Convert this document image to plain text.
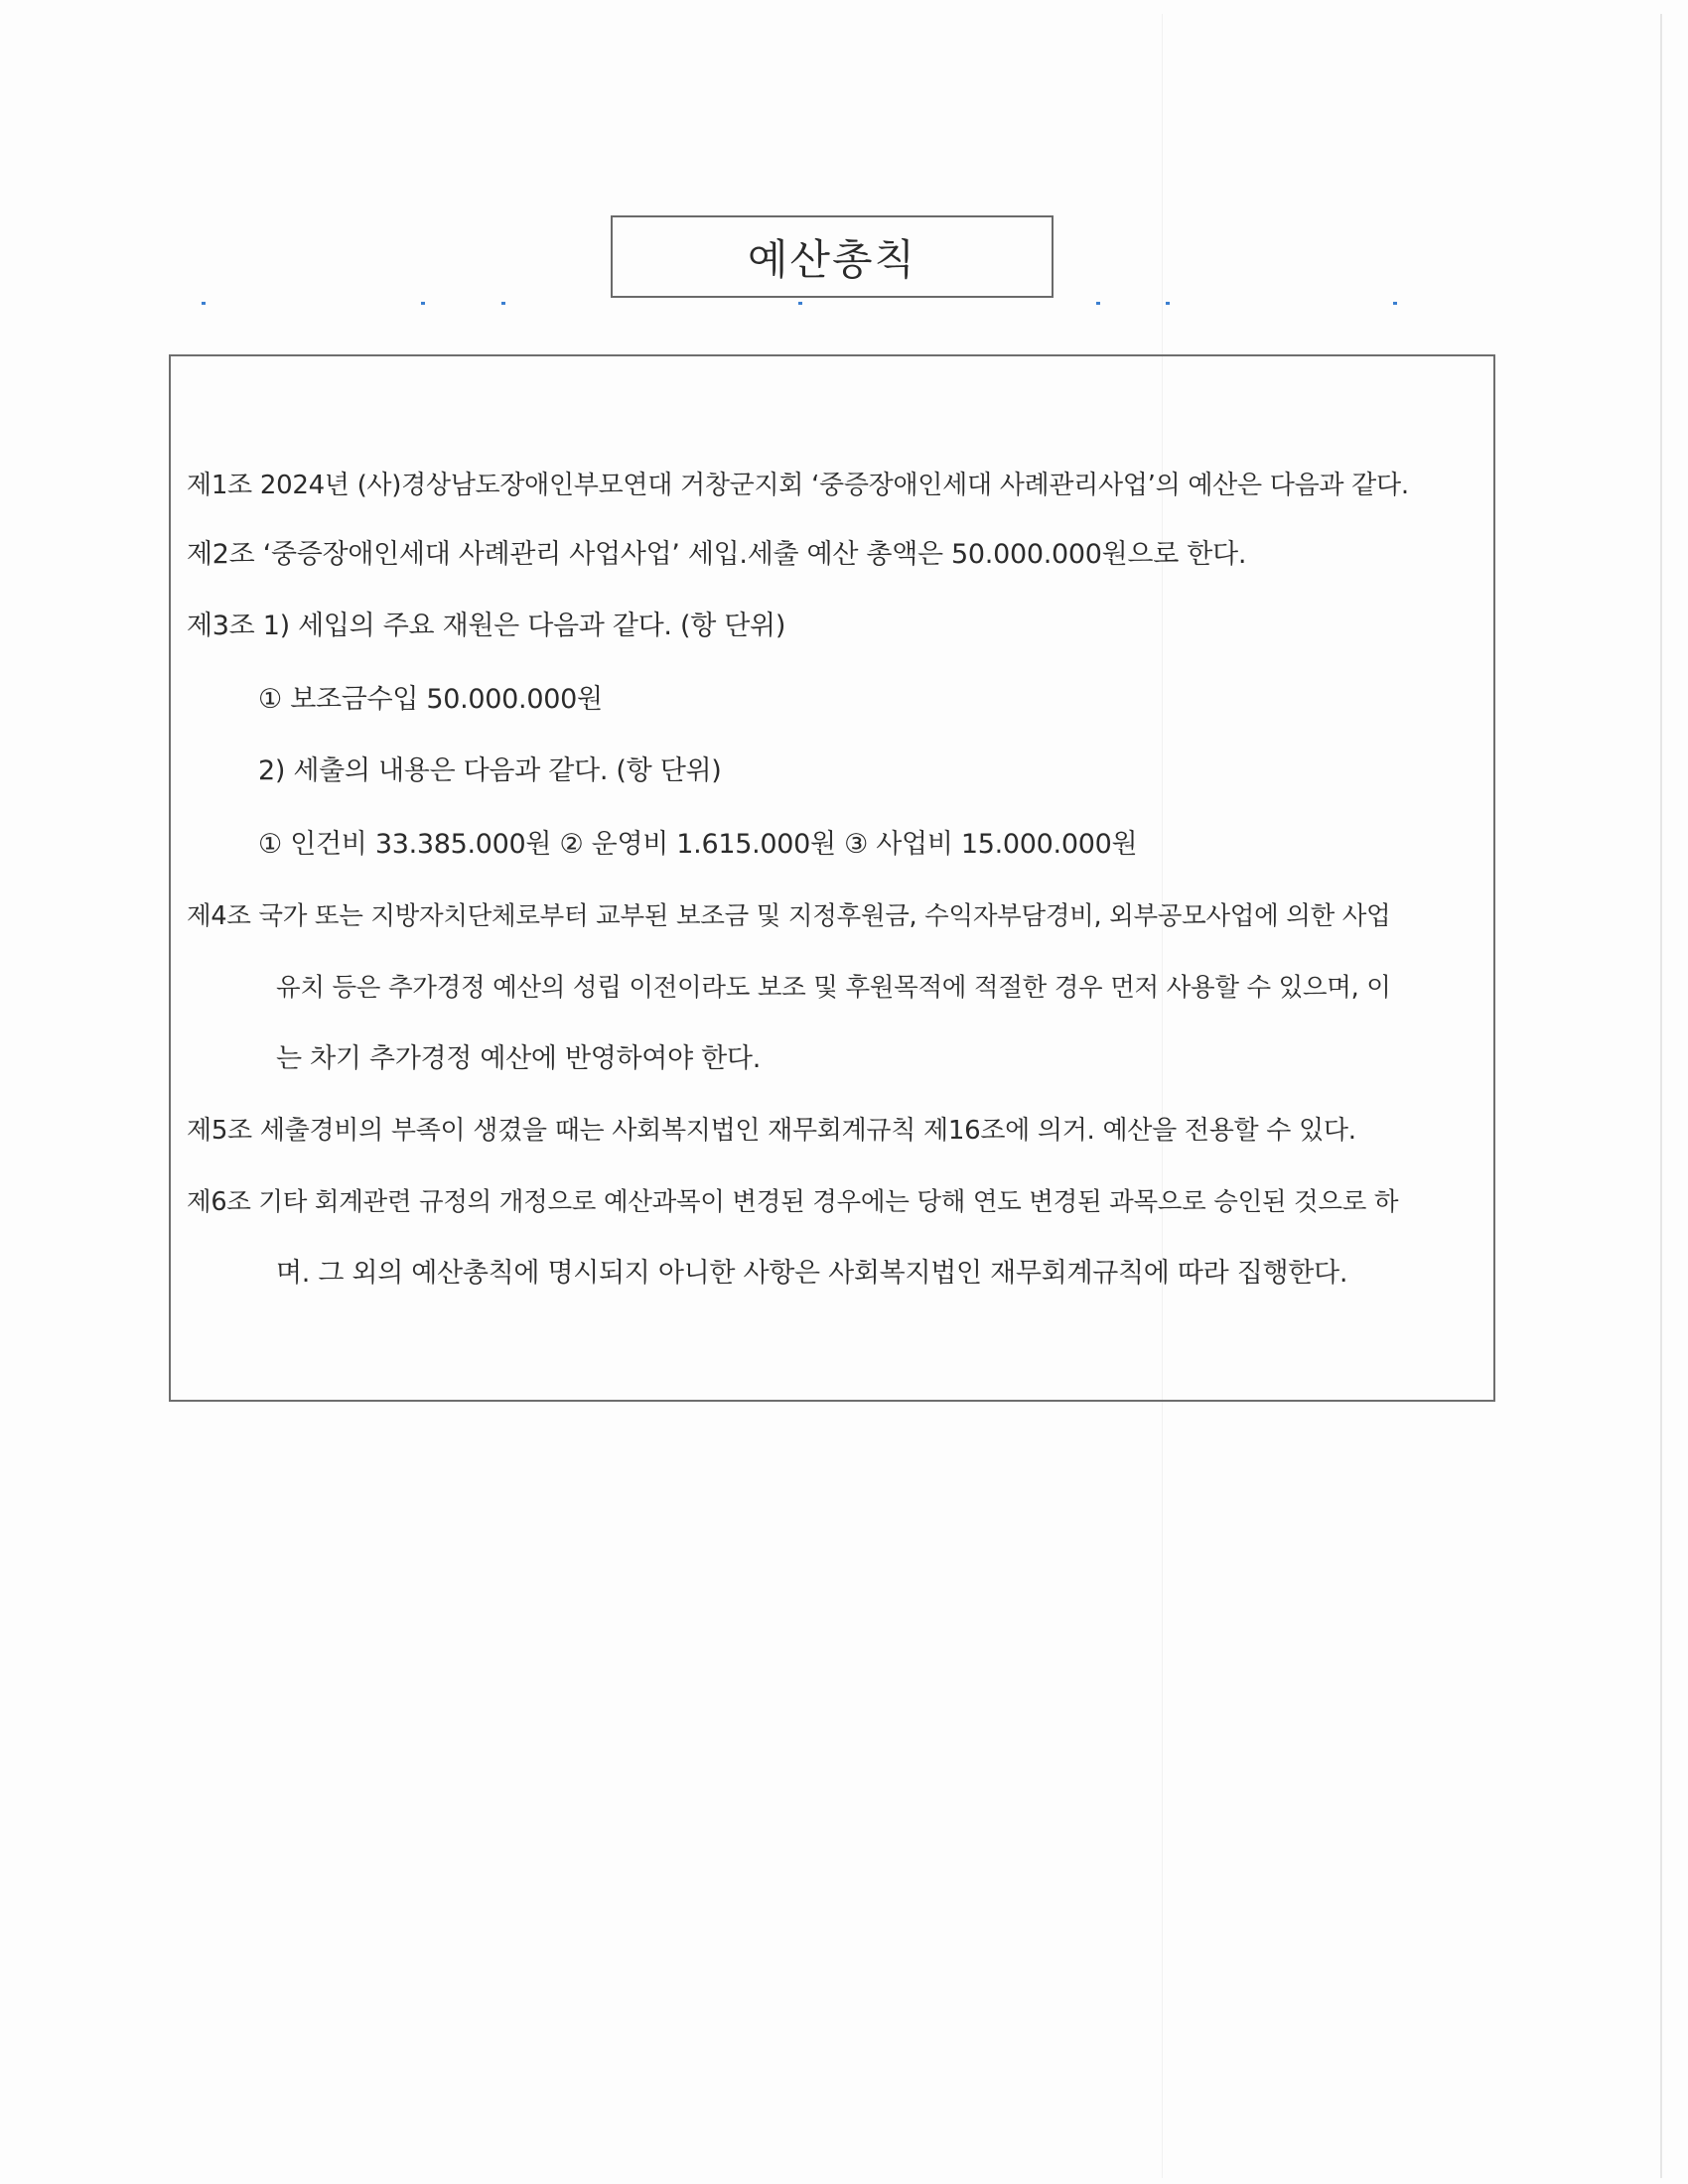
예산총칙
제1조 2024년 (사)경상남도장애인부모연대 거창군지회 ‘중증장애인세대 사례관리사업’의 예산은 다음과 같다.
제2조 ‘중증장애인세대 사례관리 사업사업’ 세입.세출 예산 총액은 50.000.000원으로 한다.
제3조 1) 세입의 주요 재원은 다음과 같다. (항 단위)
① 보조금수입 50.000.000원
2) 세출의 내용은 다음과 같다. (항 단위)
① 인건비 33.385.000원 ② 운영비 1.615.000원 ③ 사업비 15.000.000원
제4조 국가 또는 지방자치단체로부터 교부된 보조금 및 지정후원금, 수익자부담경비, 외부공모사업에 의한 사업
유치 등은 추가경정 예산의 성립 이전이라도 보조 및 후원목적에 적절한 경우 먼저 사용할 수 있으며, 이
는 차기 추가경정 예산에 반영하여야 한다.
제5조 세출경비의 부족이 생겼을 때는 사회복지법인 재무회계규칙 제16조에 의거. 예산을 전용할 수 있다.
제6조 기타 회계관련 규정의 개정으로 예산과목이 변경된 경우에는 당해 연도 변경된 과목으로 승인된 것으로 하
며. 그 외의 예산총칙에 명시되지 아니한 사항은 사회복지법인 재무회계규칙에 따라 집행한다.
